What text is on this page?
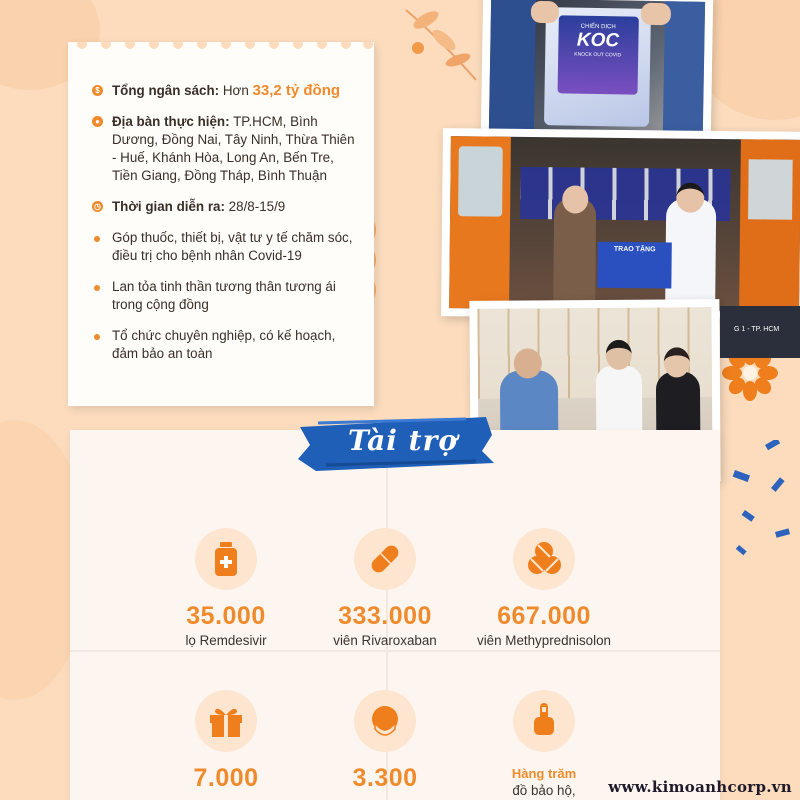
$ Tổng ngân sách: Hơn 33,2 tỷ đồng
● Địa bàn thực hiện: TP.HCM, Bình Dương, Đồng Nai, Tây Ninh, Thừa Thiên - Huế, Khánh Hòa, Long An, Bến Tre, Tiền Giang, Đồng Tháp, Bình Thuận
◷ Thời gian diễn ra: 28/8-15/9
Góp thuốc, thiết bị, vật tư y tế chăm sóc, điều trị cho bệnh nhân Covid-19
Lan tỏa tinh thần tương thân tương ái trong cộng đồng
Tổ chức chuyên nghiệp, có kế hoạch, đảm bảo an toàn
CHIẾN DỊCH
KOC
KNOCK OUT COVID
TRAO TẶNG
G 1 - TP. HCM
Tài trợ
35.000
lọ Remdesivir
333.000
viên Rivaroxaban
667.000
viên Methyprednisolon
7.000	3.300	Hàng trăm
đồ bảo hộ,	www.kimoanhcorp.vn
